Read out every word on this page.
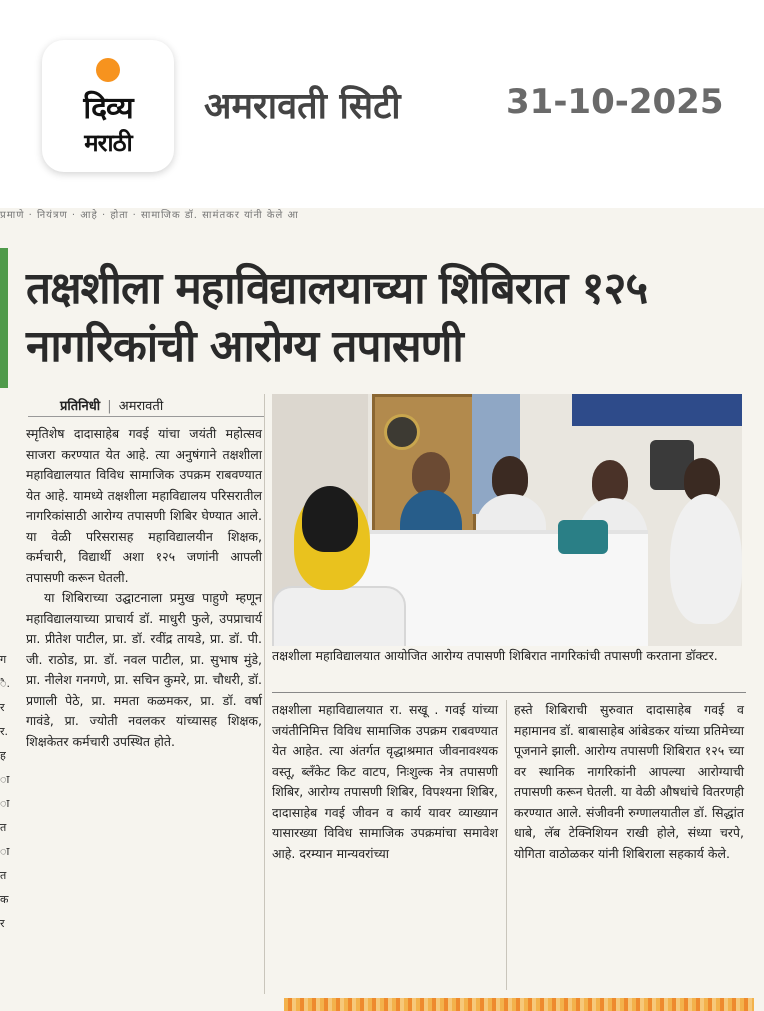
दिव्य
मराठी
अमरावती सिटी	31-10-2025
प्रमाणे · नियंत्रण · आहे · होता · सामाजिक डॉ. सामंतकर यांनी केले आ
ग ै. र र. ह ा ा त ा त क र
तक्षशीला महाविद्यालयाच्या शिबिरात १२५ नागरिकांची आरोग्य तपासणी
प्रतिनिधी | अमरावती

स्मृतिशेष दादासाहेब गवई यांचा जयंती महोत्सव साजरा करण्यात येत आहे. त्या अनुषंगाने तक्षशीला महाविद्यालयात विविध सामाजिक उपक्रम राबवण्यात येत आहे. यामध्ये तक्षशीला महाविद्यालय परिसरातील नागरिकांसाठी आरोग्य तपासणी शिबिर घेण्यात आले. या वेळी परिसरासह महाविद्यालयीन शिक्षक, कर्मचारी, विद्यार्थी अशा १२५ जणांनी आपली तपासणी करून घेतली.

या शिबिराच्या उद्घाटनाला प्रमुख पाहुणे म्हणून महाविद्यालयाच्या प्राचार्य डॉ. माधुरी फुले, उपप्राचार्य प्रा. प्रीतेश पाटील, प्रा. डॉ. रवींद्र तायडे, प्रा. डॉ. पी. जी. राठोड, प्रा. डॉ. नवल पाटील, प्रा. सुभाष मुंडे, प्रा. नीलेश गनगणे, प्रा. सचिन कुमरे, प्रा. चौधरी, डॉ. प्रणाली पेठे, प्रा. ममता कळमकर, प्रा. डॉ. वर्षा गावंडे, प्रा. ज्योती नवलकर यांच्यासह शिक्षक, शिक्षकेतर कर्मचारी उपस्थित होते.

तक्षशीला महाविद्यालयात आयोजित आरोग्य तपासणी शिबिरात नागरिकांची तपासणी करताना डॉक्टर.

तक्षशीला महाविद्यालयात रा. सखू . गवई यांच्या जयंतीनिमित्त विविध सामाजिक उपक्रम राबवण्यात येत आहेत. त्या अंतर्गत वृद्धाश्रमात जीवनावश्यक वस्तू, ब्लँकेट किट वाटप, निःशुल्क नेत्र तपासणी शिबिर, आरोग्य तपासणी शिबिर, विपश्यना शिबिर, दादासाहेब गवई जीवन व कार्य यावर व्याख्यान यासारख्या विविध सामाजिक उपक्रमांचा समावेश आहे. दरम्यान मान्यवरांच्या

हस्ते शिबिराची सुरुवात दादासाहेब गवई व महामानव डॉ. बाबासाहेब आंबेडकर यांच्या प्रतिमेच्या पूजनाने झाली. आरोग्य तपासणी शिबिरात १२५ च्या वर स्थानिक नागरिकांनी आपल्या आरोग्याची तपासणी करून घेतली. या वेळी औषधांचे वितरणही करण्यात आले. संजीवनी रुग्णालयातील डॉ. सिद्धांत धाबे, लॅब टेक्निशियन राखी होले, संध्या चरपे, योगिता वाठोळकर यांनी शिबिराला सहकार्य केले.
